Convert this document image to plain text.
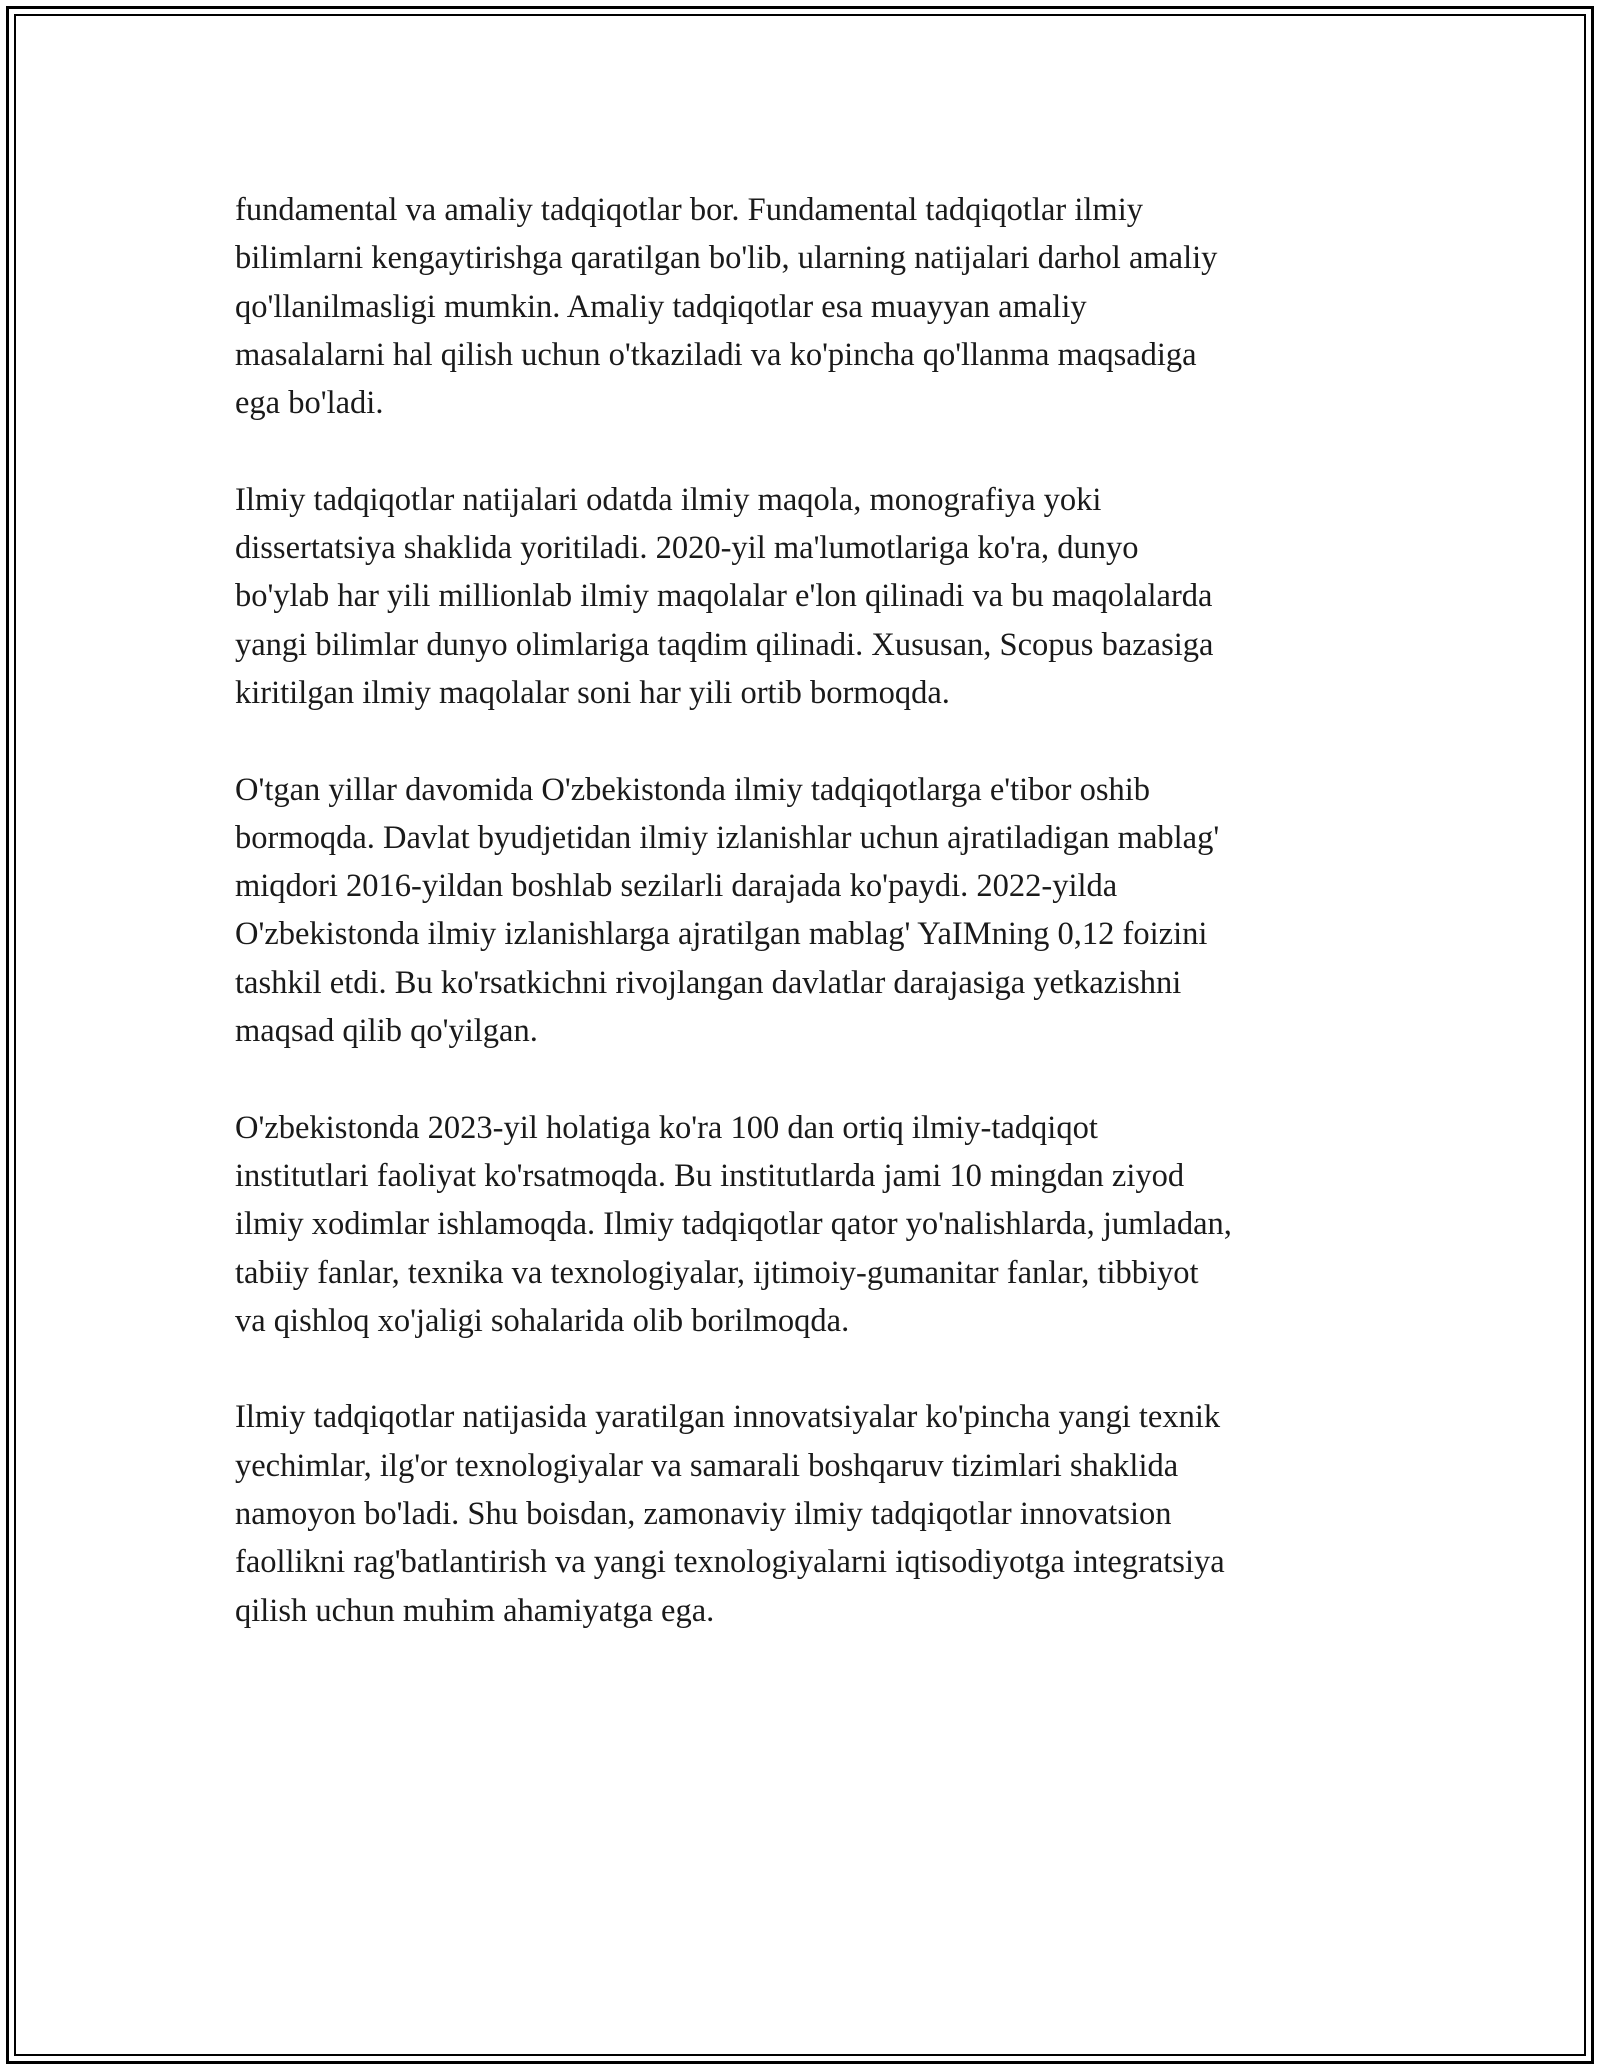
fundamental va amaliy tadqiqotlar bor. Fundamental tadqiqotlar ilmiy
bilimlarni kengaytirishga qaratilgan bo'lib, ularning natijalari darhol amaliy
qo'llanilmasligi mumkin. Amaliy tadqiqotlar esa muayyan amaliy
masalalarni hal qilish uchun o'tkaziladi va ko'pincha qo'llanma maqsadiga
ega bo'ladi.

Ilmiy tadqiqotlar natijalari odatda ilmiy maqola, monografiya yoki
dissertatsiya shaklida yoritiladi. 2020-yil ma'lumotlariga ko'ra, dunyo
bo'ylab har yili millionlab ilmiy maqolalar e'lon qilinadi va bu maqolalarda
yangi bilimlar dunyo olimlariga taqdim qilinadi. Xususan, Scopus bazasiga
kiritilgan ilmiy maqolalar soni har yili ortib bormoqda.

O'tgan yillar davomida O'zbekistonda ilmiy tadqiqotlarga e'tibor oshib
bormoqda. Davlat byudjetidan ilmiy izlanishlar uchun ajratiladigan mablag'
miqdori 2016-yildan boshlab sezilarli darajada ko'paydi. 2022-yilda
O'zbekistonda ilmiy izlanishlarga ajratilgan mablag' YaIMning 0,12 foizini
tashkil etdi. Bu ko'rsatkichni rivojlangan davlatlar darajasiga yetkazishni
maqsad qilib qo'yilgan.

O'zbekistonda 2023-yil holatiga ko'ra 100 dan ortiq ilmiy-tadqiqot
institutlari faoliyat ko'rsatmoqda. Bu institutlarda jami 10 mingdan ziyod
ilmiy xodimlar ishlamoqda. Ilmiy tadqiqotlar qator yo'nalishlarda, jumladan,
tabiiy fanlar, texnika va texnologiyalar, ijtimoiy-gumanitar fanlar, tibbiyot
va qishloq xo'jaligi sohalarida olib borilmoqda.

Ilmiy tadqiqotlar natijasida yaratilgan innovatsiyalar ko'pincha yangi texnik
yechimlar, ilg'or texnologiyalar va samarali boshqaruv tizimlari shaklida
namoyon bo'ladi. Shu boisdan, zamonaviy ilmiy tadqiqotlar innovatsion
faollikni rag'batlantirish va yangi texnologiyalarni iqtisodiyotga integratsiya
qilish uchun muhim ahamiyatga ega.
